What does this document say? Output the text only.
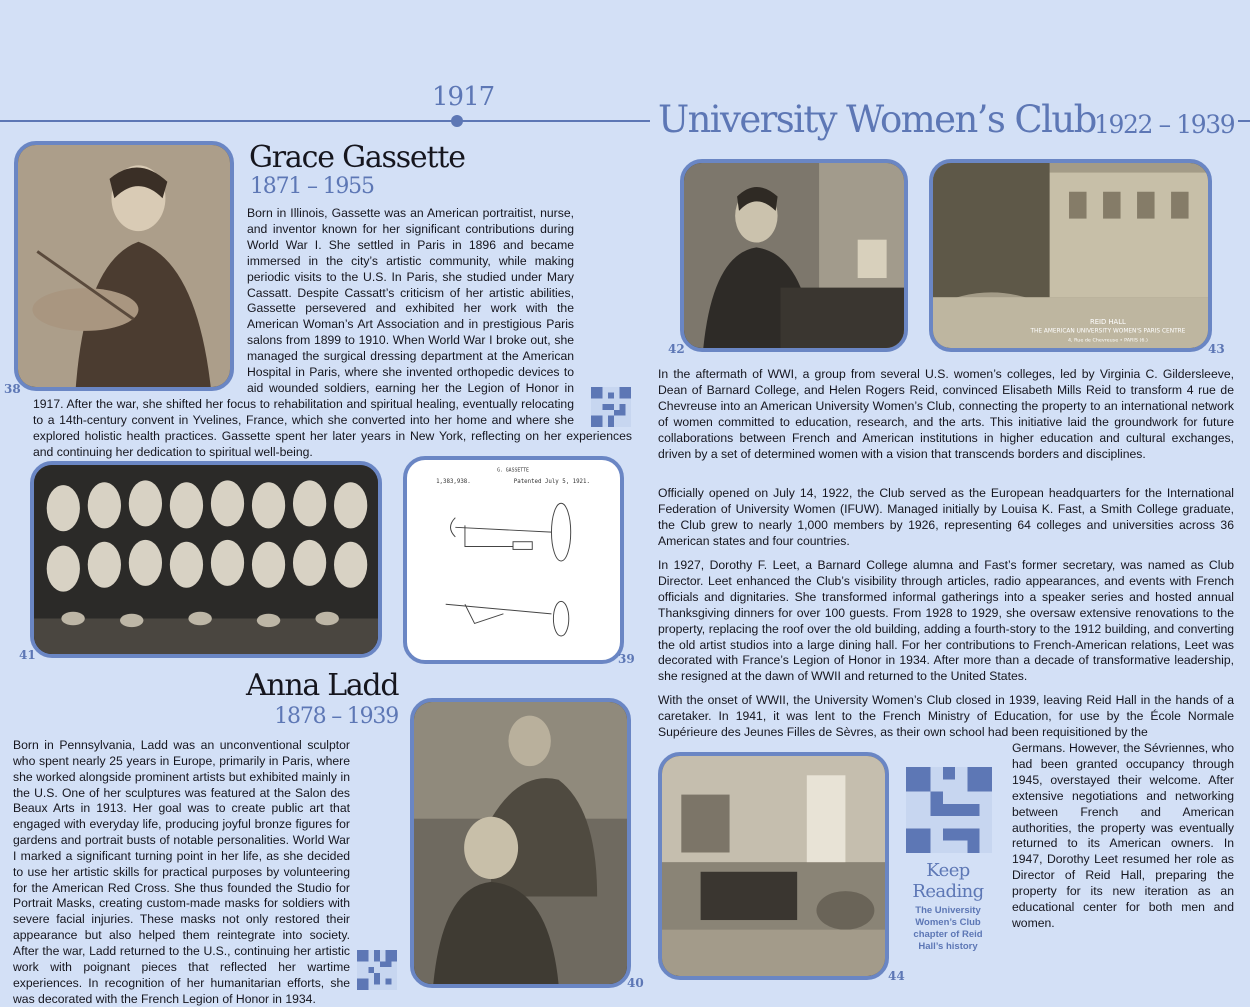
1917
University Women’s Club
1922 – 1939
38
Grace Gassette
1871 – 1955

Born in Illinois, Gassette was an American portraitist, nurse, and inventor known for her significant contributions during World War I. She settled in Paris in 1896 and became immersed in the city’s artistic community, while making periodic visits to the U.S. In Paris, she studied under Mary Cassatt. Despite Cassatt’s criticism of her artistic abilities, Gassette persevered and exhibited her work with the American Woman’s Art Association and in prestigious Paris salons from 1899 to 1910. When World War I broke out, she managed the surgical dressing department at the American Hospital in Paris, where she invented orthopedic devices to aid wounded soldiers, earning her the Legion of Honor in 1917. After the war, she shifted her focus to rehabilitation and spiritual healing, eventually relocating to a 14th-century convent in Yvelines, France, which she converted into her home and where she explored holistic health practices. Gassette spent her later years in New York, reflecting on her experiences and continuing her dedication to spiritual well-being.

41
G. GASSETTE
1,383,938.	Patented July 5, 1921.
39
Anna Ladd
1878 – 1939

Born in Pennsylvania, Ladd was an unconventional sculptor who spent nearly 25 years in Europe, primarily in Paris, where she worked alongside prominent artists but exhibited mainly in the U.S. One of her sculptures was featured at the Salon des Beaux Arts in 1913. Her goal was to create public art that engaged with everyday life, producing joyful bronze figures for gardens and portrait busts of notable personalities. World War I marked a significant turning point in her life, as she decided to use her artistic skills for practical purposes by volunteering for the American Red Cross. She thus founded the Studio for Portrait Masks, creating custom-made masks for soldiers with severe facial injuries. These masks not only restored their appearance but also helped them reintegrate into society. After the war, Ladd returned to the U.S., continuing her artistic work with poignant pieces that reflected her wartime experiences. In recognition of her humanitarian efforts, she was decorated with the French Legion of Honor in 1934.

40
42
REID HALL
THE AMERICAN UNIVERSITY WOMEN'S PARIS CENTRE
4, Rue de Chevreuse • PARIS (6.)
43

In the aftermath of WWI, a group from several U.S. women’s colleges, led by Virginia C. Gildersleeve, Dean of Barnard College, and Helen Rogers Reid, convinced Elisabeth Mills Reid to transform 4 rue de Chevreuse into an American University Women’s Club, connecting the property to an international network of women committed to education, research, and the arts. This initiative laid the groundwork for future collaborations between French and American institutions in higher education and cultural exchanges, driven by a set of determined women with a vision that transcends borders and disciplines.

Officially opened on July 14, 1922, the Club served as the European headquarters for the International Federation of University Women (IFUW). Managed initially by Louisa K. Fast, a Smith College graduate, the Club grew to nearly 1,000 members by 1926, representing 64 colleges and universities across 36 American states and four countries.

In 1927, Dorothy F. Leet, a Barnard College alumna and Fast’s former secretary, was named as Club Director. Leet enhanced the Club’s visibility through articles, radio appearances, and events with French officials and dignitaries. She transformed informal gatherings into a speaker series and hosted annual Thanksgiving dinners for over 100 guests. From 1928 to 1929, she oversaw extensive renovations to the property, replacing the roof over the old building, adding a fourth-story to the 1912 building, and converting the old artist studios into a large dining hall. For her contributions to French-American relations, Leet was decorated with France’s Legion of Honor in 1934. After more than a decade of transformative leadership, she resigned at the dawn of WWII and returned to the United States.

With the onset of WWII, the University Women’s Club closed in 1939, leaving Reid Hall in the hands of a caretaker. In 1941, it was lent to the French Ministry of Education, for use by the École Normale Supérieure des Jeunes Filles de Sèvres, as their own school had been requisitioned by the

Germans. However, the Sévriennes, who had been granted occupancy through 1945, overstayed their welcome. After extensive negotiations and networking between French and American authorities, the property was eventually returned to its American owners. In 1947, Dorothy Leet resumed her role as Director of Reid Hall, preparing the property for its new iteration as an educational center for both men and women.

44
Keep Reading
The University Women’s Club chapter of Reid Hall’s history
